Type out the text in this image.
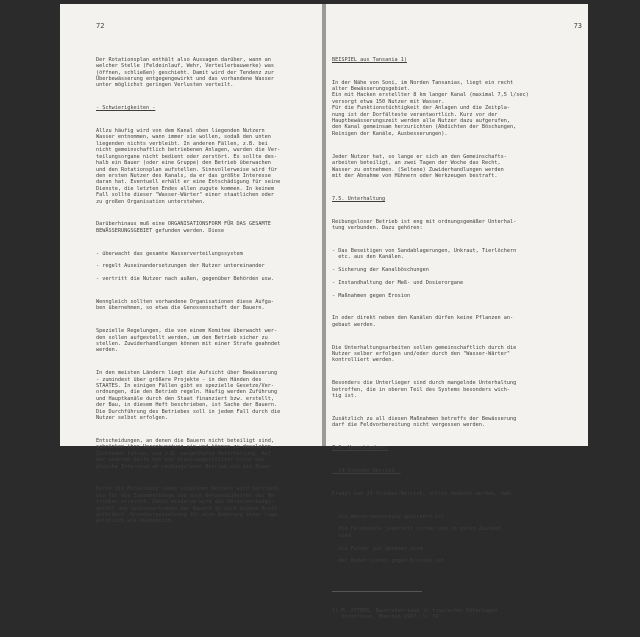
72

Der Rotationsplan enthält also Aussagen darüber, wann an
welcher Stelle (Feldeinlauf, Wehr, Verteilerbauwerke) was
(öffnen, schließen) geschieht. Damit wird der Tendenz zur
Überbewässerung entgegengewirkt und das vorhandene Wasser
unter möglichst geringen Verlusten verteilt.

- Schwierigkeiten -

Allzu häufig wird von dem Kanal oben liegenden Nutzern
Wasser entnommen, wann immer sie wollen, sodaß den unten
liegenden nichts verbleibt. In anderen Fällen, z.B. bei
nicht gemeinschaftlich betriebenen Anlagen, wurden die Ver-
teilungsorgane nicht bedient oder zerstört. Es sollte des-
halb ein Bauer (oder eine Gruppe) den Betrieb überwachen
und den Rotationsplan aufstellen. Sinnvollerweise wird für
den ersten Nutzer des Kanals, da er das größte Interesse
daran hat. Eventuell erhält er eine Entschädigung für seine
Dienste, die letzten Endes allen zugute kommen. In keinem
Fall sollte dieser "Wasser-Wärter" einer staatlichen oder
zu großen Organisation unterstehen.

Darüberhinaus muß eine ORGANISATIONSFORM FÜR DAS GESAMTE
BEWÄSSERUNGSGEBIET gefunden werden. Diese

- überwacht das gesamte Wasserverteilungssystem

- regelt Auseinandersetzungen der Nutzer untereinander

- vertritt die Nutzer nach außen, gegenüber Behörden usw.

Wenngleich sollten vorhandene Organisationen diese Aufga-
ben übernehmen, so etwa die Genossenschaft der Bauern.

Spezielle Regelungen, die von einem Komitee überwacht wer-
den sollen aufgestellt werden, um den Betrieb sicher zu
stellen. Zuwiderhandlungen können mit einer Strafe geahndet
werden.

In den meisten Ländern liegt die Aufsicht über Bewässerung
- zumindest über größere Projekte - in den Händen des
STAATES. In einigen Fällen gibt es spezielle Gesetze/Ver-
ordnungen, die den Betrieb regeln. Häufig werden Zuführung
und Hauptkanäle durch den Staat finanziert bzw. erstellt,
der Bau, in diesem Heft beschrieben, ist Sache der Bauern.
Die Durchführung des Betriebes soll in jedem Fall durch die
Nutzer selbst erfolgen.

Entscheidungen, an denen die Bauern nicht beteiligt sind,
schränken ihre Verantwortung ein und können zu desolaten
Zuständen führen, wie z.B. mangelhafte Unterhaltung. Auf
der anderen Seite hat ein Staatsangestellter nicht das
gleiche Interesse am reibungslosen Betrieb wie ein Bauer.

Durch die Mitwirkung jedes einzelnen Nutzers wird Verständ-
nis für die Zusammenhänge und auch Notwendigkeiten des Be-
triebes erreicht. Damit wiederum wird das Verantwortungs-
gefühl und Selbstvertrauen der Bauern in ihre eigene Kraft
gefördert -Grundvoraussetzung für eine Änderung ihrer Lage,
politisch wie ökonomisch.

73

BEISPIEL aus Tansania 1)

In der Nähe von Soni, im Norden Tansanias, liegt ein recht
alter Bewässerungsgebiet.
Ein mit Hacken erstellter 8 km langer Kanal (maximal 7,5 l/sec)
versorgt etwa 150 Nutzer mit Wasser.
Für die Funktionstüchtigkeit der Anlagen und die Zeitpla-
nung ist der Dorfälteste verantwortlich. Kurz vor der
Hauptbewässerungszeit werden alle Nutzer dazu aufgerufen,
den Kanal gemeinsam herzurichten (Abdichten der Böschungen,
Reinigen der Kanäle, Ausbesserungen).

Jeder Nutzer hat, so lange er sich an den Gemeinschafts-
arbeiten beteiligt, an zwei Tagen der Woche das Recht,
Wasser zu entnehmen. (Seltene) Zuwiderhandlungen werden
mit der Abnahme von Hühnern oder Werkzeugen bestraft.

7.5. Unterhaltung

Reibungsloser Betrieb ist eng mit ordnungsgemäßer Unterhal-
tung verbunden. Dazu gehören:

- Das Beseitigen von Sandablagerungen, Unkraut, Tierlöchern
etc. aus den Kanälen.

- Sicherung der Kanalböschungen

- Instandhaltung der Meß- und Dosierorgane

- Maßnahmen gegen Erosion

In oder direkt neben den Kanälen dürfen keine Pflanzen an-
gebaut werden.

Die Unterhaltungsarbeiten sollen gemeinschaftlich durch die
Nutzer selber erfolgen und/oder durch den "Wasser-Wärter"
kontrolliert werden.

Besonders die Unterlieger sind durch mangelnde Unterhaltung
betroffen, die in oberen Teil des Systems besonders wich-
tig ist.

Zusätzlich zu all diesen Maßnahmen betreffs der Bewässerung
darf die Feldvorbereitung nicht vergessen werden.

7.6. Verschiedenes

- 24-Stunden-Betrieb -

Erwägt man 24-Stunden-Betrieb, sollte bedacht werden, daß:

- die Wasserversorgung gesichert ist

- die Feldkanäle jederzeit sicher und im guten Zustand
sind

- die Felder gut geebnet sind

- der Boden sicher gegen Erosion ist

1) M. ATTEMS, Bauernbetriebe in tropischen Höhenlagen
Ostafrikas, München 1967, S. 74
